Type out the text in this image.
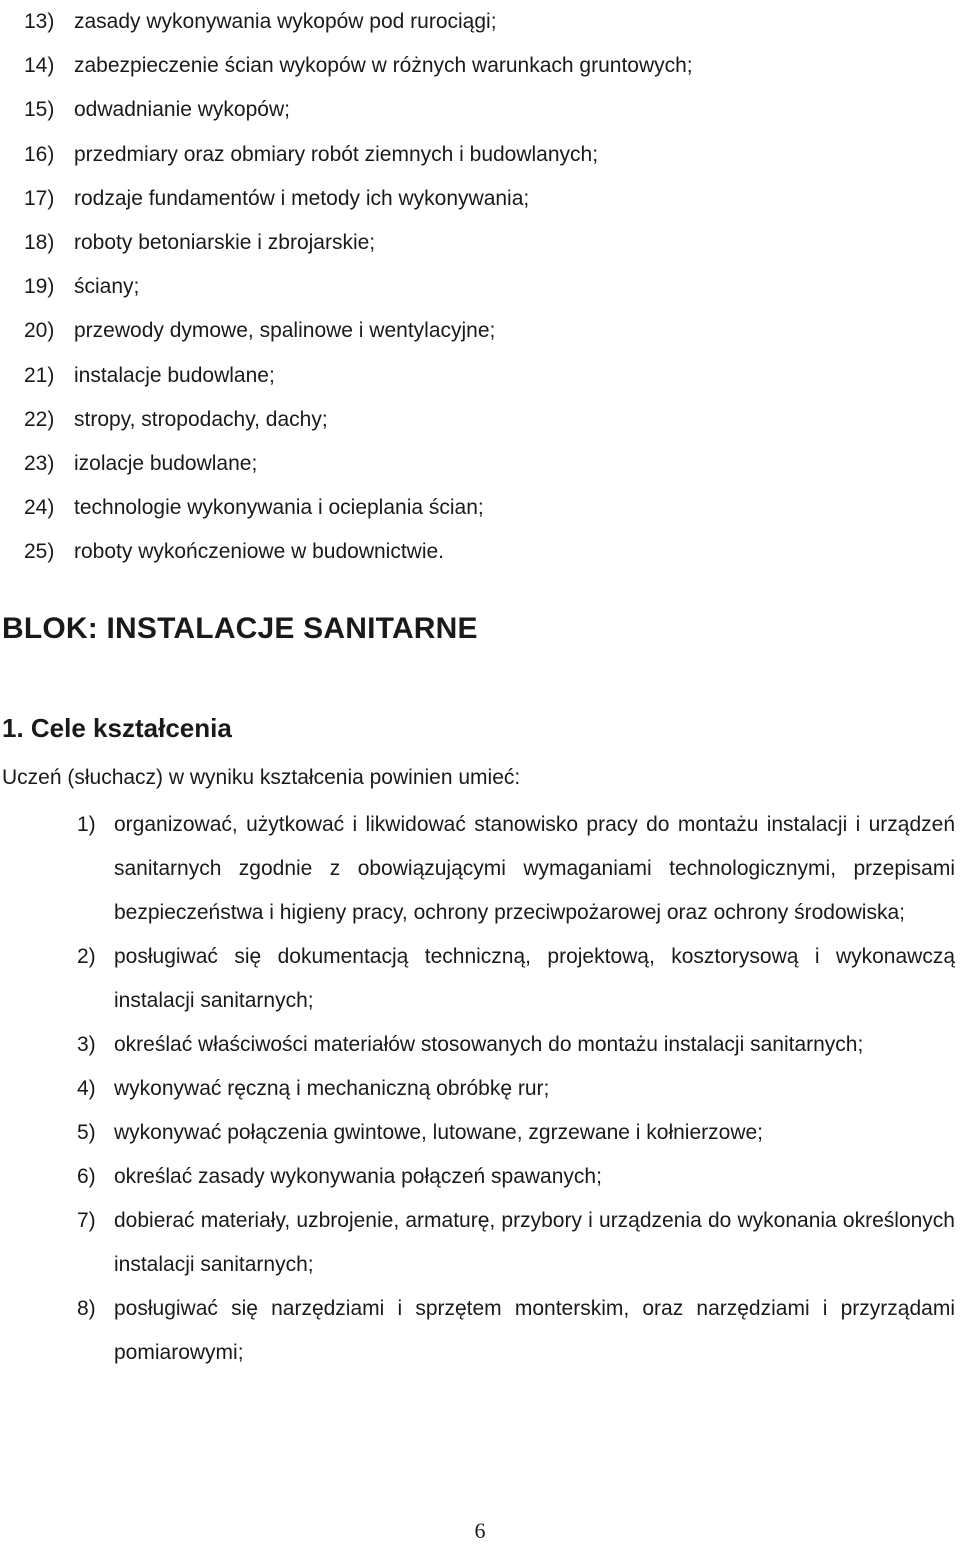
13) zasady wykonywania wykopów pod rurociągi;
14) zabezpieczenie ścian wykopów w różnych warunkach gruntowych;
15) odwadnianie wykopów;
16) przedmiary oraz obmiary robót ziemnych i budowlanych;
17) rodzaje fundamentów i metody ich wykonywania;
18) roboty betoniarskie i zbrojarskie;
19) ściany;
20) przewody dymowe, spalinowe i wentylacyjne;
21) instalacje budowlane;
22) stropy, stropodachy, dachy;
23) izolacje budowlane;
24) technologie wykonywania i ocieplania ścian;
25) roboty wykończeniowe w budownictwie.
BLOK: INSTALACJE SANITARNE
1. Cele kształcenia

Uczeń (słuchacz) w wyniku kształcenia powinien umieć:

1) organizować, użytkować i likwidować stanowisko pracy do montażu instalacji i urządzeń sanitarnych zgodnie z obowiązującymi wymaganiami technologicznymi, przepisami bezpieczeństwa i higieny pracy, ochrony przeciwpożarowej oraz ochrony środowiska;
2) posługiwać się dokumentacją techniczną, projektową, kosztorysową i wykonawczą instalacji sanitarnych;
3) określać właściwości materiałów stosowanych do montażu instalacji sanitarnych;
4) wykonywać ręczną i mechaniczną obróbkę rur;
5) wykonywać połączenia gwintowe, lutowane, zgrzewane i kołnierzowe;
6) określać zasady wykonywania połączeń spawanych;
7) dobierać materiały, uzbrojenie, armaturę, przybory i urządzenia do wykonania określonych instalacji sanitarnych;
8) posługiwać się narzędziami i sprzętem monterskim, oraz narzędziami i przyrządami pomiarowymi;
6
